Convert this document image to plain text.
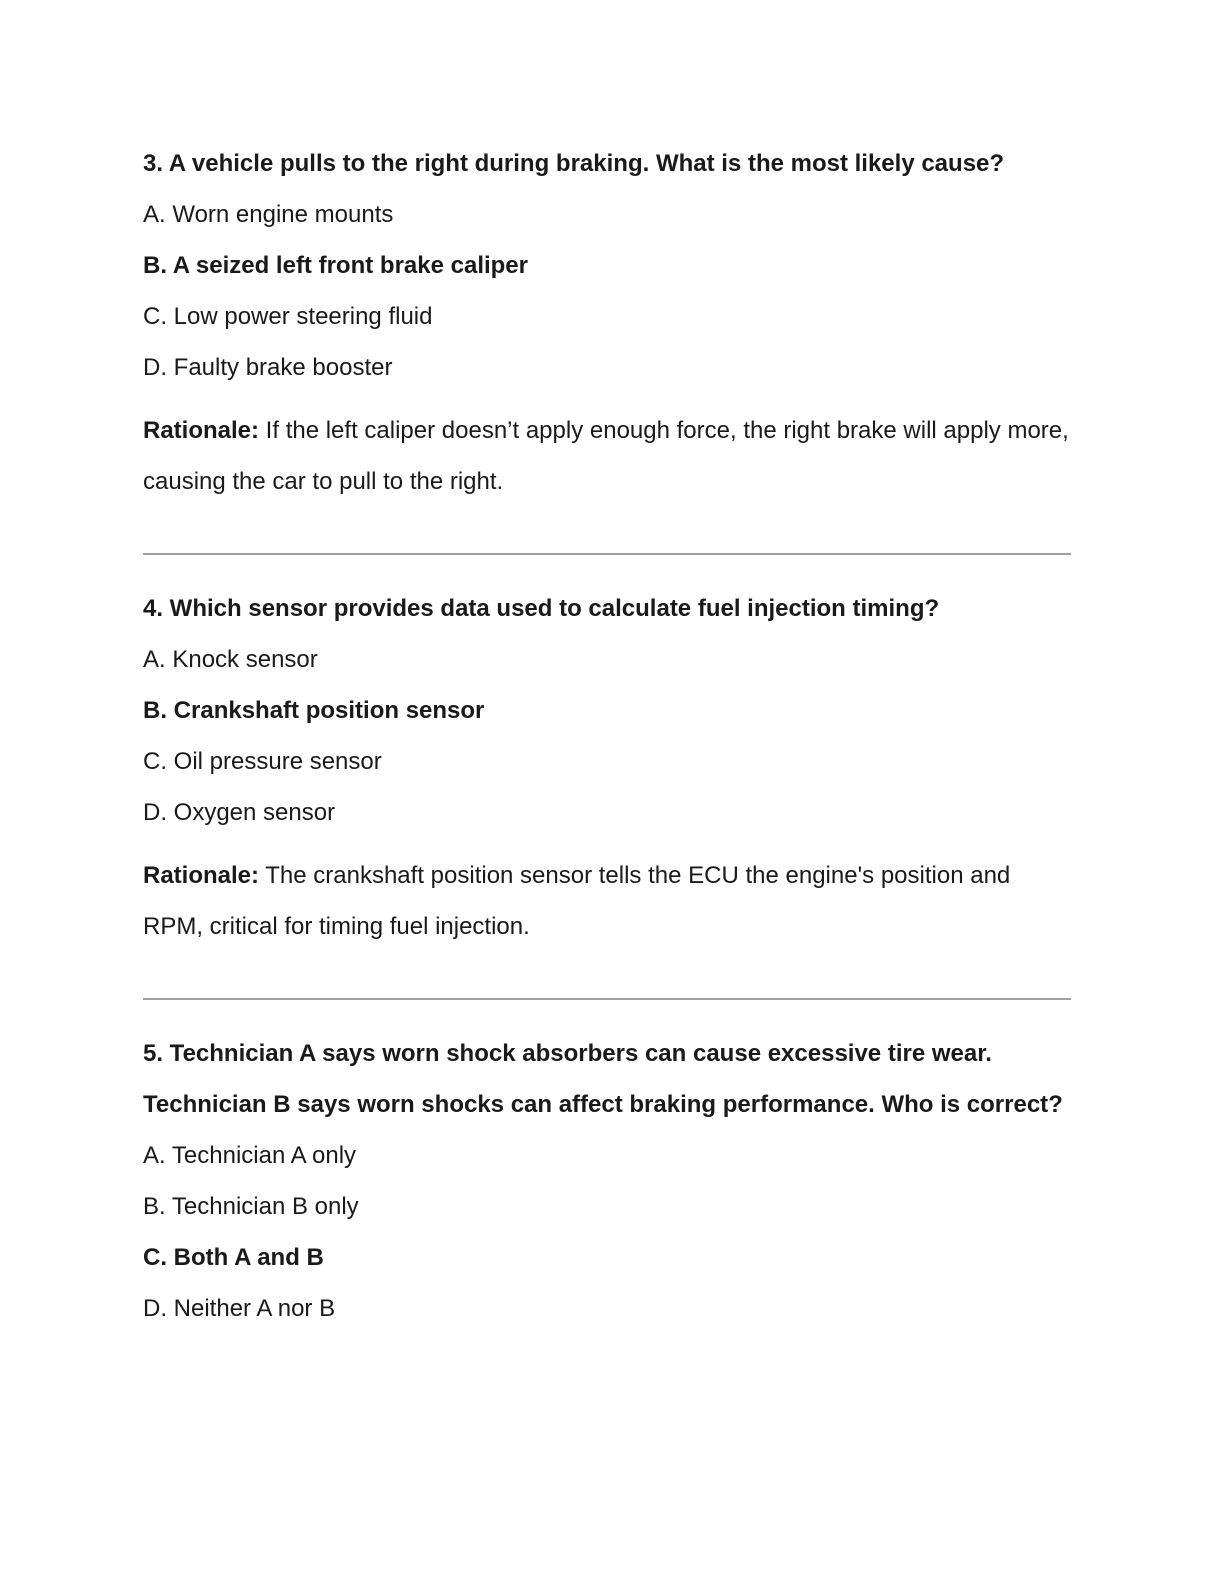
3. A vehicle pulls to the right during braking. What is the most likely cause?
A. Worn engine mounts
B. A seized left front brake caliper
C. Low power steering fluid
D. Faulty brake booster
Rationale: If the left caliper doesn’t apply enough force, the right brake will apply more, causing the car to pull to the right.
4. Which sensor provides data used to calculate fuel injection timing?
A. Knock sensor
B. Crankshaft position sensor
C. Oil pressure sensor
D. Oxygen sensor
Rationale: The crankshaft position sensor tells the ECU the engine's position and RPM, critical for timing fuel injection.
5. Technician A says worn shock absorbers can cause excessive tire wear.
Technician B says worn shocks can affect braking performance. Who is correct?
A. Technician A only
B. Technician B only
C. Both A and B
D. Neither A nor B
